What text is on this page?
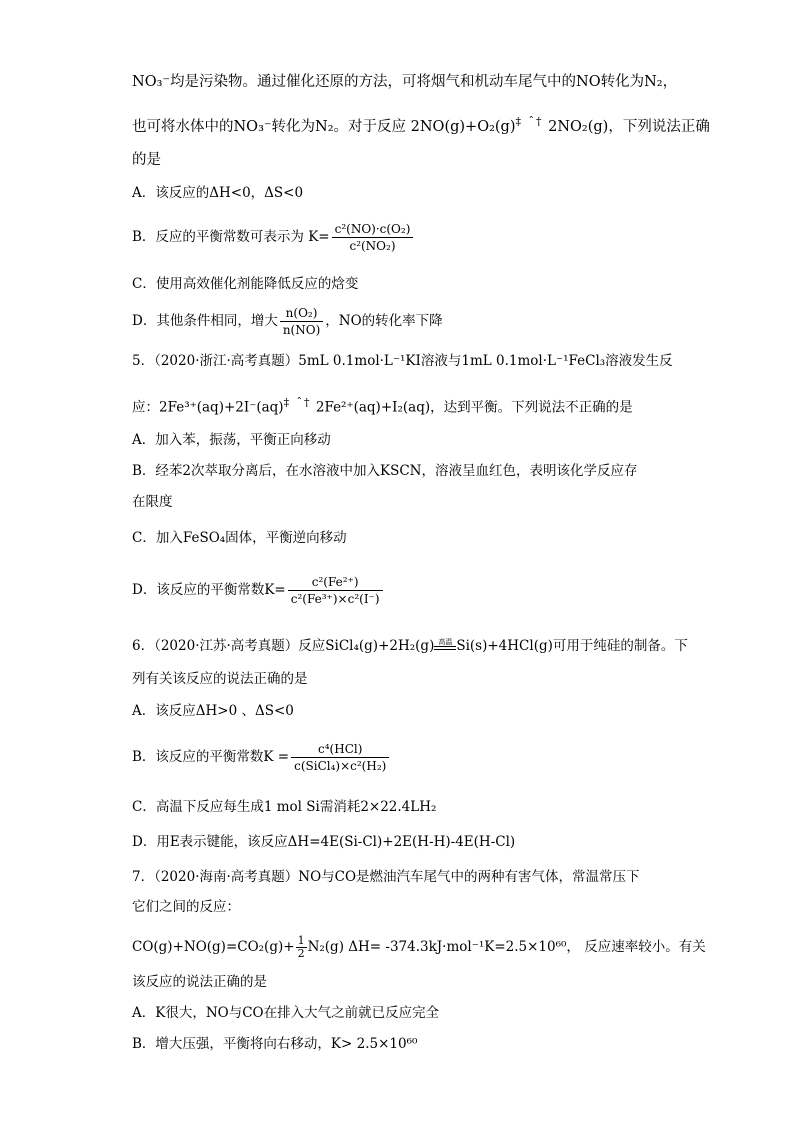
NO₃⁻均是污染物。通过催化还原的方法，可将烟气和机动车尾气中的NO转化为N₂，
也可将水体中的NO₃⁻转化为N₂。对于反应 2NO(g)+O₂(g)‡ ˆ† 2NO₂(g)，下列说法正确
的是
A．该反应的ΔH<0，ΔS<0
B．反应的平衡常数可表示为 $K= \frac{\text{c²(NO)·c(O₂)}}{\text{c²(NO₂)}}$
C．使用高效催化剂能降低反应的焓变
D．其他条件相同，增大 $\frac{\text{n(O₂)}}{n(NO)}$ ，NO的转化率下降
5．（2020·浙江·高考真题）5mL 0.1mol·L⁻¹KI溶液与1mL 0.1mol·L⁻¹FeCl₃溶液发生反
应：2Fe³⁺(aq)+2I⁻(aq)‡ ˆ† 2Fe²⁺(aq)+I₂(aq)，达到平衡。下列说法不正确的是
A．加入苯，振荡，平衡正向移动
B．经苯2次萃取分离后，在水溶液中加入KSCN，溶液呈血红色，表明该化学反应存
在限度
C．加入FeSO₄固体，平衡逆向移动
D．该反应的平衡常数$K= \frac{\text{c²(Fe²⁺)}}{\text{c²(Fe³⁺)×c²(I⁻)}}$
6．（2020·江苏·高考真题）反应SiCl₄(g)+2H₂(g) 高温 Si(s)+4HCl(g)可用于纯硅的制备。下
列有关该反应的说法正确的是
A．该反应ΔH>0 、ΔS<0
B．该反应的平衡常数$K = \frac{\text{c⁴(HCl)}}{\text{c(SiCl₄)×c²(H₂)}}$
C．高温下反应每生成1 mol Si需消耗2×22.4LH₂
D．用E表示键能，该反应ΔH=4E(Si-Cl)+2E(H-H)-4E(H-Cl)
7．（2020·海南·高考真题）NO与CO是燃油汽车尾气中的两种有害气体，常温常压下
它们之间的反应：
$CO(g)+NO(g)=CO_2(g)+ \frac{1}{2} N_2(g)$ ΔH= -374.3kJ·mol⁻¹K=2.5×10⁶⁰， 反应速率较小。有关
该反应的说法正确的是
A．K很大，NO与CO在排入大气之前就已反应完全
B．增大压强，平衡将向右移动，K> 2.5×10⁶⁰
